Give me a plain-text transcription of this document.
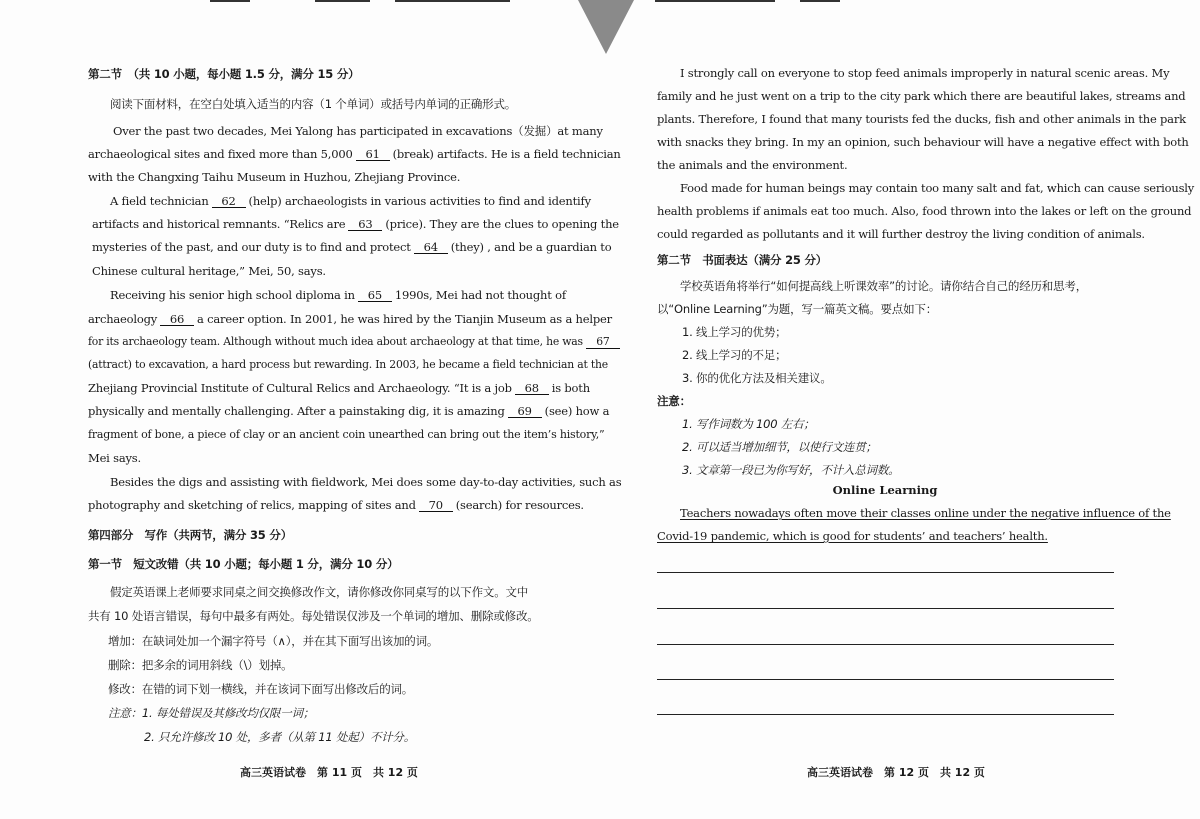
第二节　（共 10 小题，每小题 1.5 分，满分 15 分）
阅读下面材料，在空白处填入适当的内容（1 个单词）或括号内单词的正确形式。
Over the past two decades, Mei Yalong has participated in excavations（发掘）at many
archaeological sites and fixed more than 5,000 61 (break) artifacts. He is a field technician
with the Changxing Taihu Museum in Huzhou, Zhejiang Province.
A field technician 62 (help) archaeologists in various activities to find and identify
artifacts and historical remnants. “Relics are 63 (price). They are the clues to opening the
mysteries of the past, and our duty is to find and protect 64 (they) , and be a guardian to
Chinese cultural heritage,” Mei, 50, says.
Receiving his senior high school diploma in 65 1990s, Mei had not thought of
archaeology 66 a career option. In 2001, he was hired by the Tianjin Museum as a helper
for its archaeology team. Although without much idea about archaeology at that time, he was 67
(attract) to excavation, a hard process but rewarding. In 2003, he became a field technician at the
Zhejiang Provincial Institute of Cultural Relics and Archaeology. “It is a job 68 is both
physically and mentally challenging. After a painstaking dig, it is amazing 69 (see) how a
fragment of bone, a piece of clay or an ancient coin unearthed can bring out the item’s history,”
Mei says.
Besides the digs and assisting with fieldwork, Mei does some day-to-day activities, such as
photography and sketching of relics, mapping of sites and 70 (search) for resources.
第四部分　写作（共两节，满分 35 分）
第一节　短文改错（共 10 小题；每小题 1 分，满分 10 分）
假定英语课上老师要求同桌之间交换修改作文，请你修改你同桌写的以下作文。文中
共有 10 处语言错误，每句中最多有两处。每处错误仅涉及一个单词的增加、删除或修改。
增加：在缺词处加一个漏字符号（∧），并在其下面写出该加的词。
删除：把多余的词用斜线（\）划掉。
修改：在错的词下划一横线，并在该词下面写出修改后的词。
注意：1. 每处错误及其修改均仅限一词；
2. 只允许修改 10 处，多者（从第 11 处起）不计分。
高三英语试卷　第 11 页　共 12 页
I strongly call on everyone to stop feed animals improperly in natural scenic areas. My
family and he just went on a trip to the city park which there are beautiful lakes, streams and
plants. Therefore, I found that many tourists fed the ducks, fish and other animals in the park
with snacks they bring. In my an opinion, such behaviour will have a negative effect with both
the animals and the environment.
Food made for human beings may contain too many salt and fat, which can cause seriously
health problems if animals eat too much. Also, food thrown into the lakes or left on the ground
could regarded as pollutants and it will further destroy the living condition of animals.
第二节　书面表达（满分 25 分）
学校英语角将举行“如何提高线上听课效率”的讨论。请你结合自己的经历和思考，
以“Online Learning”为题，写一篇英文稿。要点如下：
1. 线上学习的优势；
2. 线上学习的不足；
3. 你的优化方法及相关建议。
注意：
1. 写作词数为 100 左右；
2. 可以适当增加细节，以使行文连贯；
3. 文章第一段已为你写好，不计入总词数。
Online Learning
Teachers nowadays often move their classes online under the negative influence of the
Covid-19 pandemic, which is good for students’ and teachers’ health.
高三英语试卷　第 12 页　共 12 页
